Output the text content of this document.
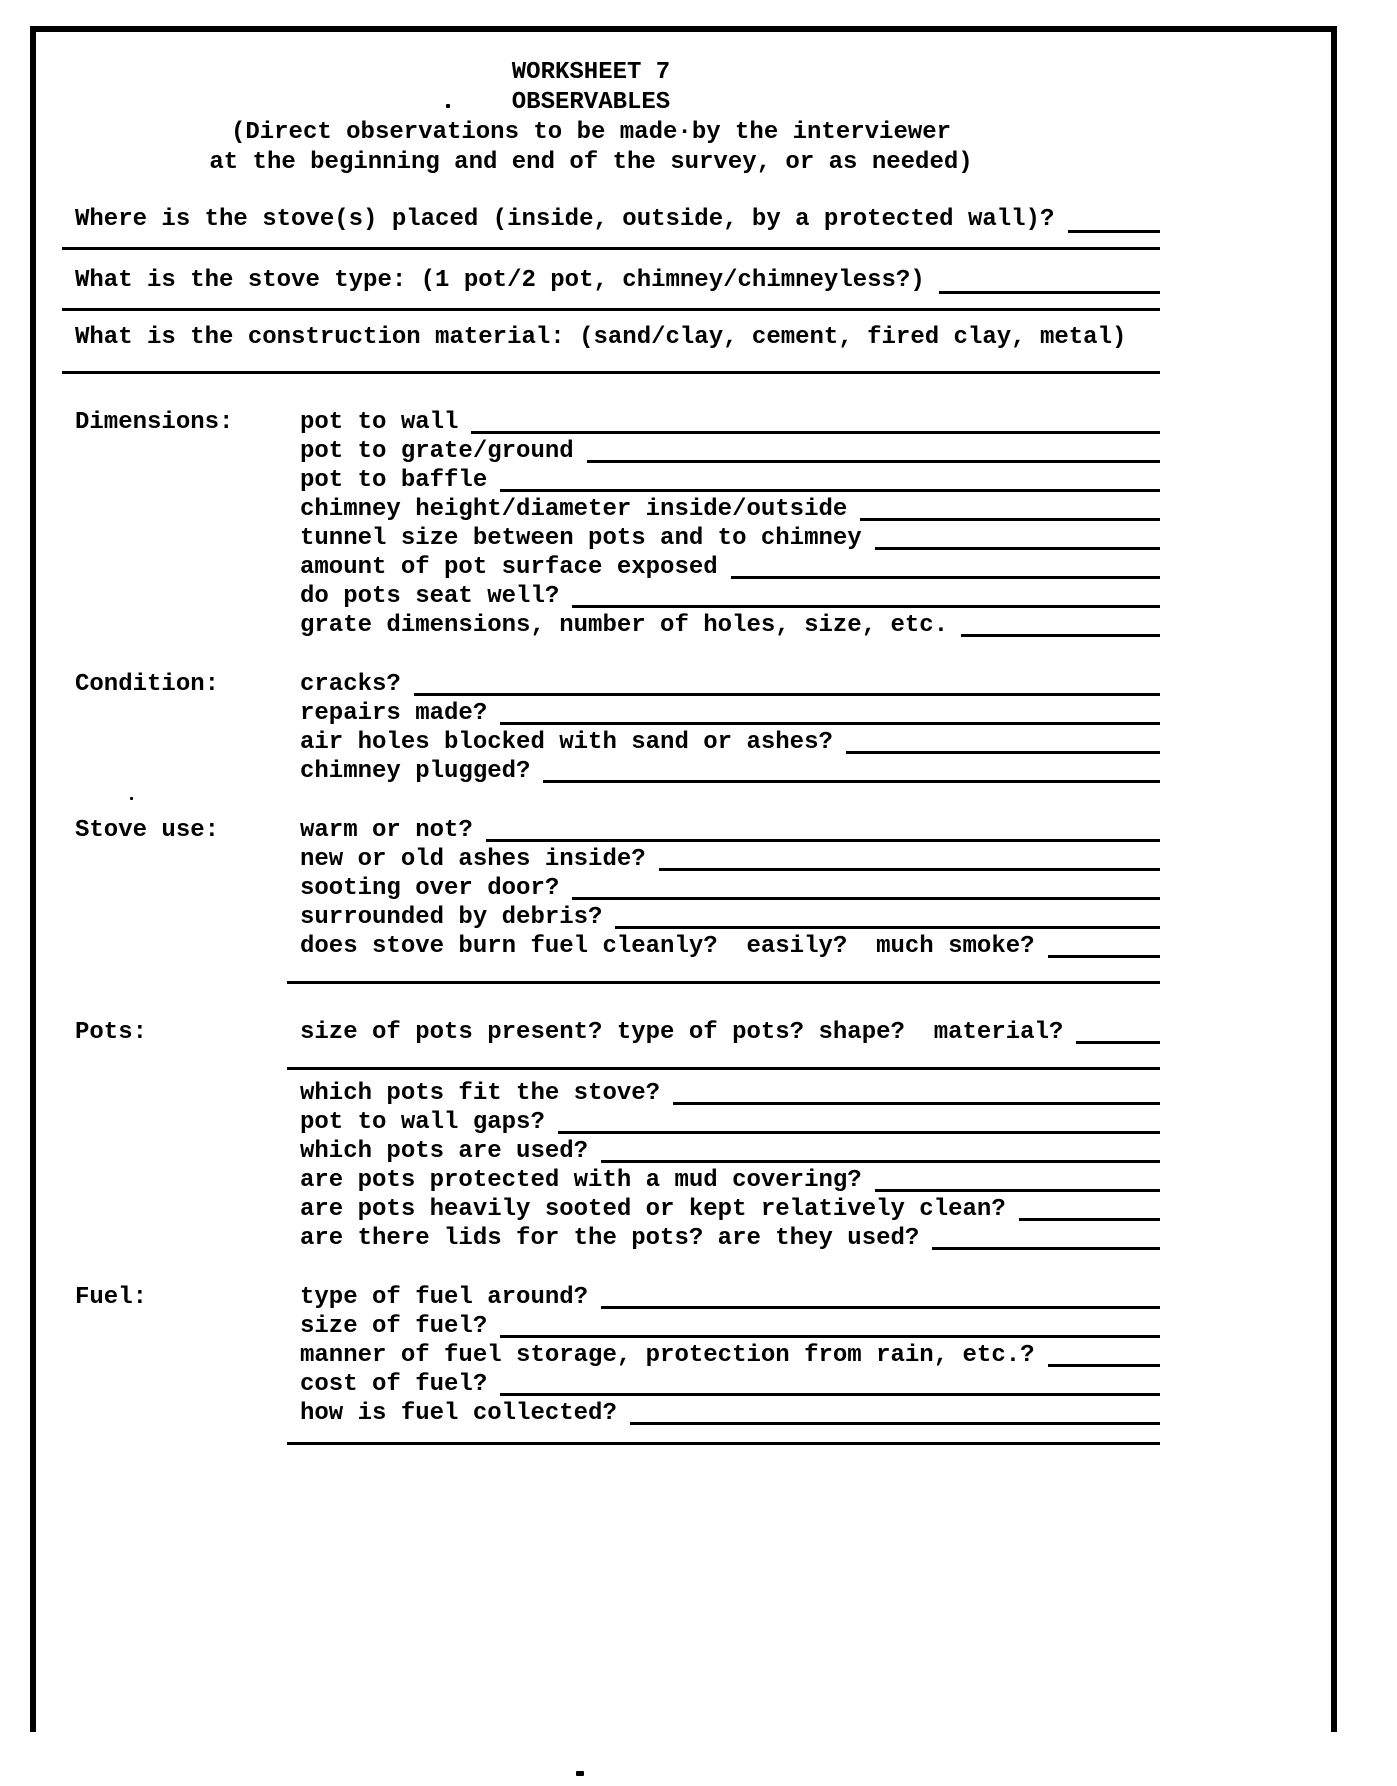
WORKSHEET 7
OBSERVABLES
(Direct observations to be made·by the interviewer
at the beginning and end of the survey, or as needed)
Where is the stove(s) placed (inside, outside, by a protected wall)?
What is the stove type: (1 pot/2 pot, chimney/chimneyless?)
What is the construction material: (sand/clay, cement, fired clay, metal)
Dimensions:	pot to wall
pot to grate/ground
pot to baffle
chimney height/diameter inside/outside
tunnel size between pots and to chimney
amount of pot surface exposed
do pots seat well?
grate dimensions, number of holes, size, etc.
Condition:	cracks?
repairs made?
air holes blocked with sand or ashes?
chimney plugged?
Stove use:	warm or not?
new or old ashes inside?
sooting over door?
surrounded by debris?
does stove burn fuel cleanly?  easily?  much smoke?
Pots:	size of pots present? type of pots? shape?  material?
which pots fit the stove?
pot to wall gaps?
which pots are used?
are pots protected with a mud covering?
are pots heavily sooted or kept relatively clean?
are there lids for the pots? are they used?
Fuel:	type of fuel around?
size of fuel?
manner of fuel storage, protection from rain, etc.?
cost of fuel?
how is fuel collected?
